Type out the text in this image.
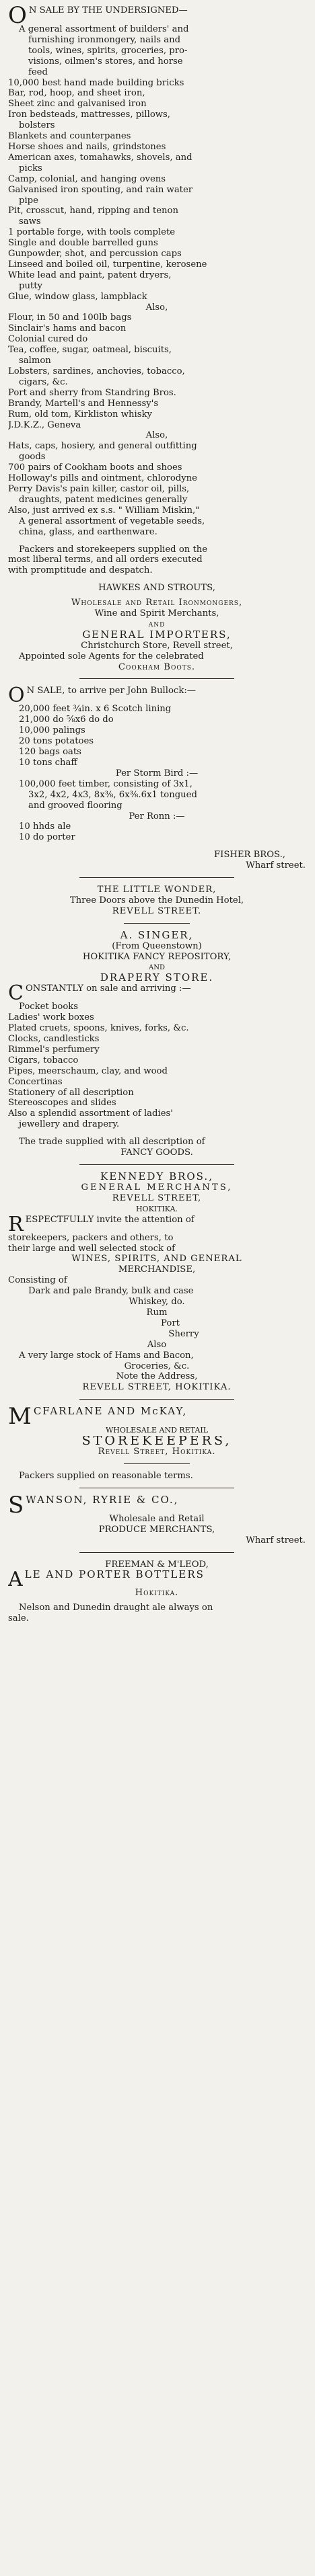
O N SALE BY THE UNDERSIGNED—
A general assortment of builders' and
furnishing ironmongery, nails and
tools, wines, spirits, groceries, pro-
visions, oilmen's stores, and horse
feed
10,000 best hand made building bricks
Bar, rod, hoop, and sheet iron,
Sheet zinc and galvanised iron
Iron bedsteads, mattresses, pillows,
bolsters
Blankets and counterpanes
Horse shoes and nails, grindstones
American axes, tomahawks, shovels, and
picks
Camp, colonial, and hanging ovens
Galvanised iron spouting, and rain water
pipe
Pit, crosscut, hand, ripping and tenon
saws
1 portable forge, with tools complete
Single and double barrelled guns
Gunpowder, shot, and percussion caps
Linseed and boiled oil, turpentine, kerosene
White lead and paint, patent dryers,
putty
Glue, window glass, lampblack
Also,
Flour, in 50 and 100lb bags
Sinclair's hams and bacon
Colonial cured do
Tea, coffee, sugar, oatmeal, biscuits,
salmon
Lobsters, sardines, anchovies, tobacco,
cigars, &c.
Port and sherry from Standring Bros.
Brandy, Martell's and Hennessy's
Rum, old tom, Kirkliston whisky
J.D.K.Z., Geneva
Also,
Hats, caps, hosiery, and general outfitting
goods
700 pairs of Cookham boots and shoes
Holloway's pills and ointment, chlorodyne
Perry Davis's pain killer, castor oil, pills,
draughts, patent medicines generally
Also, just arrived ex s.s. " William Miskin,"
A general assortment of vegetable seeds,
china, glass, and earthenware.
Packers and storekeepers supplied on the
most liberal terms, and all orders executed
with promptitude and despatch.
HAWKES AND STROUTS,
Wholesale and Retail Ironmongers,
Wine and Spirit Merchants,
and
GENERAL IMPORTERS,
Christchurch Store, Revell street,
Appointed sole Agents for the celebrated
Cookham Boots.
O N SALE, to arrive per John Bullock:—
20,000 feet ¾in. x 6 Scotch lining
21,000 do ⅝x6 do do
10,000 palings
20 tons potatoes
120 bags oats
10 tons chaff
Per Storm Bird :—
100,000 feet timber, consisting of 3x1,
3x2, 4x2, 4x3, 8x⅜, 6x⅜.6x1 tongued
and grooved flooring
Per Ronn :—
10 hhds ale
10 do porter
FISHER BROS.,
Wharf street.
THE LITTLE WONDER,
Three Doors above the Dunedin Hotel,
REVELL STREET.
A. SINGER,
(From Queenstown)
HOKITIKA FANCY REPOSITORY,
AND
DRAPERY STORE.
C ONSTANTLY on sale and arriving :—
Pocket books
Ladies' work boxes
Plated cruets, spoons, knives, forks, &c.
Clocks, candlesticks
Rimmel's perfumery
Cigars, tobacco
Pipes, meerschaum, clay, and wood
Concertinas
Stationery of all description
Stereoscopes and slides
Also a splendid assortment of ladies'
jewellery and drapery.
The trade supplied with all description of
FANCY GOODS.
KENNEDY BROS.,
GENERAL MERCHANTS,
REVELL STREET,
HOKITIKA.
R ESPECTFULLY invite the attention of
storekeepers, packers and others, to
their large and well selected stock of
WINES, SPIRITS, AND GENERAL
MERCHANDISE,
Consisting of
Dark and pale Brandy, bulk and case
Whiskey, do.
Rum
Port
Sherry
Also
A very large stock of Hams and Bacon,
Groceries, &c.
Note the Address,
REVELL STREET, HOKITIKA.
M CFARLANE AND McKAY,
WHOLESALE AND RETAIL
STOREKEEPERS,
Revell Street, Hokitika.
Packers supplied on reasonable terms.
S WANSON, RYRIE & CO.,
Wholesale and Retail
PRODUCE MERCHANTS,
Wharf street.
FREEMAN & M'LEOD,
A LE AND PORTER BOTTLERS
Hokitika.
Nelson and Dunedin draught ale always on
sale.
